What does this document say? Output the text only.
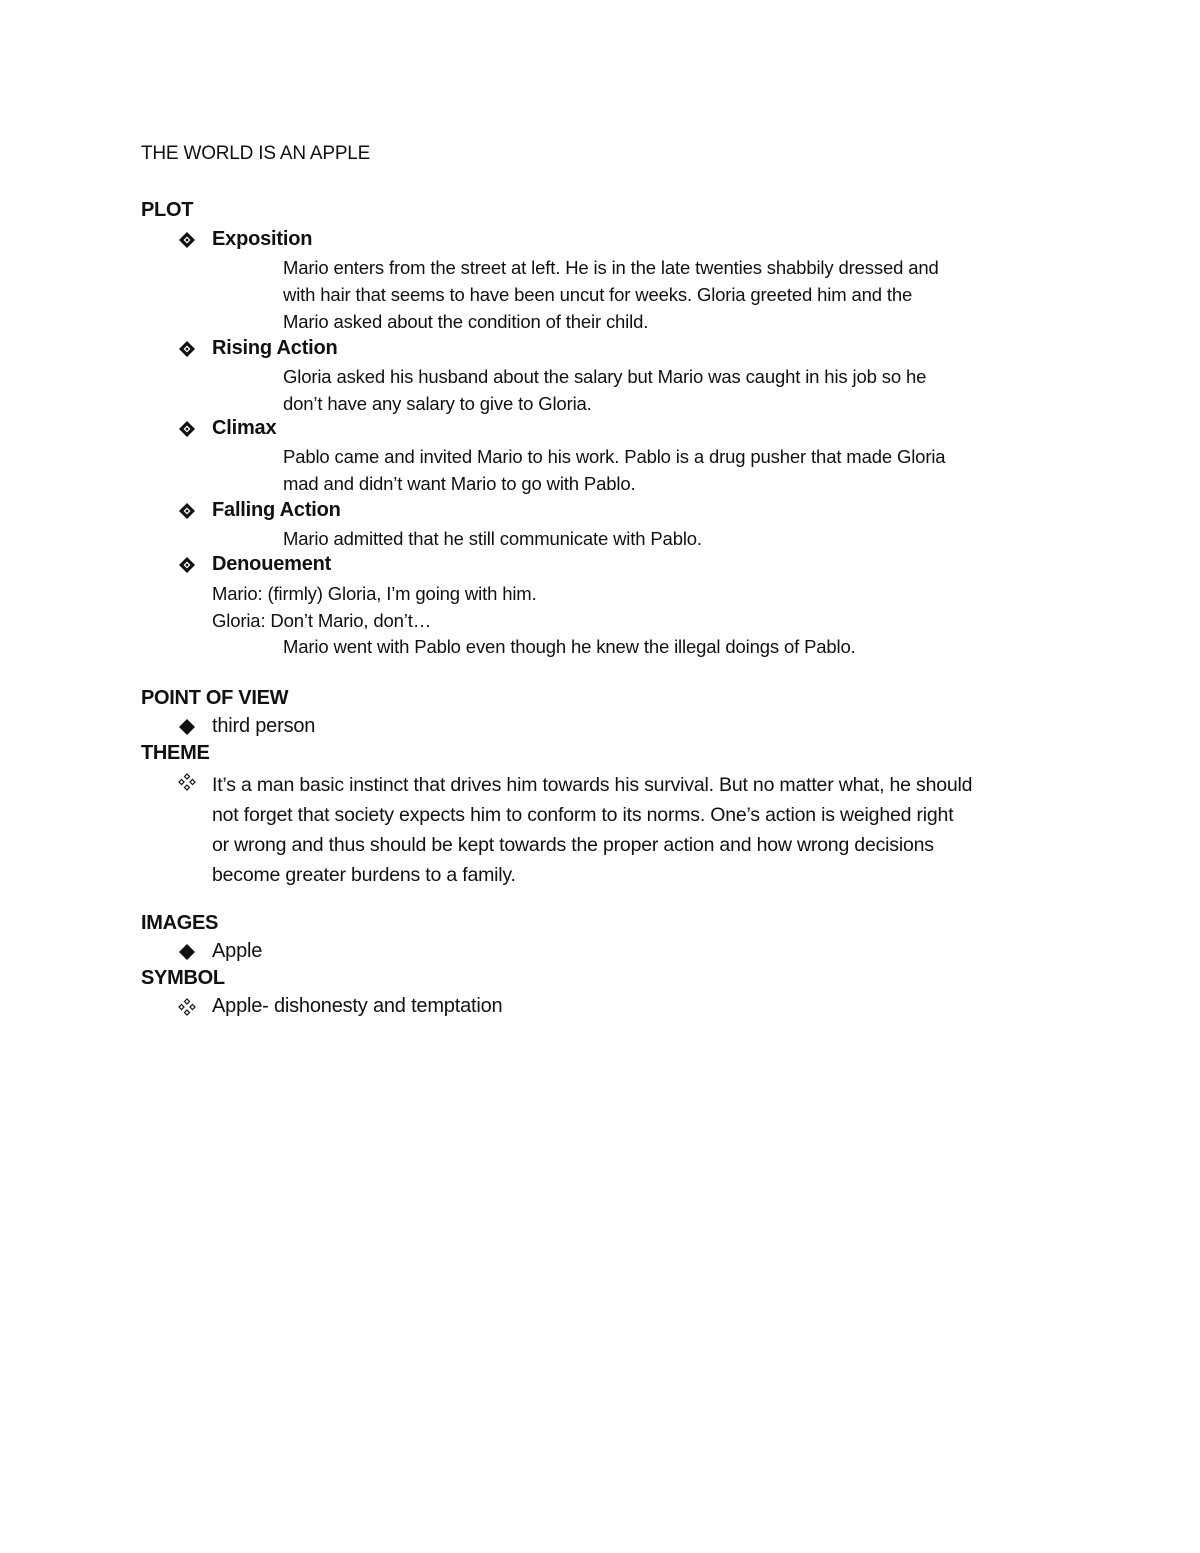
THE WORLD IS AN APPLE
PLOT
Exposition
Mario enters from the street at left. He is in the late twenties shabbily dressed and
with hair that seems to have been uncut for weeks. Gloria greeted him and the
Mario asked about the condition of their child.
Rising Action
Gloria asked his husband about the salary but Mario was caught in his job so he
don’t have any salary to give to Gloria.
Climax
Pablo came and invited Mario to his work. Pablo is a drug pusher that made Gloria
mad and didn’t want Mario to go with Pablo.
Falling Action
Mario admitted that he still communicate with Pablo.
Denouement
Mario: (firmly) Gloria, I’m going with him.
Gloria: Don’t Mario, don’t…
Mario went with Pablo even though he knew the illegal doings of Pablo.
POINT OF VIEW
third person
THEME
It’s a man basic instinct that drives him towards his survival. But no matter what, he should
not forget that society expects him to conform to its norms. One’s action is weighed right
or wrong and thus should be kept towards the proper action and how wrong decisions
become greater burdens to a family.
IMAGES
Apple
SYMBOL
Apple- dishonesty and temptation
